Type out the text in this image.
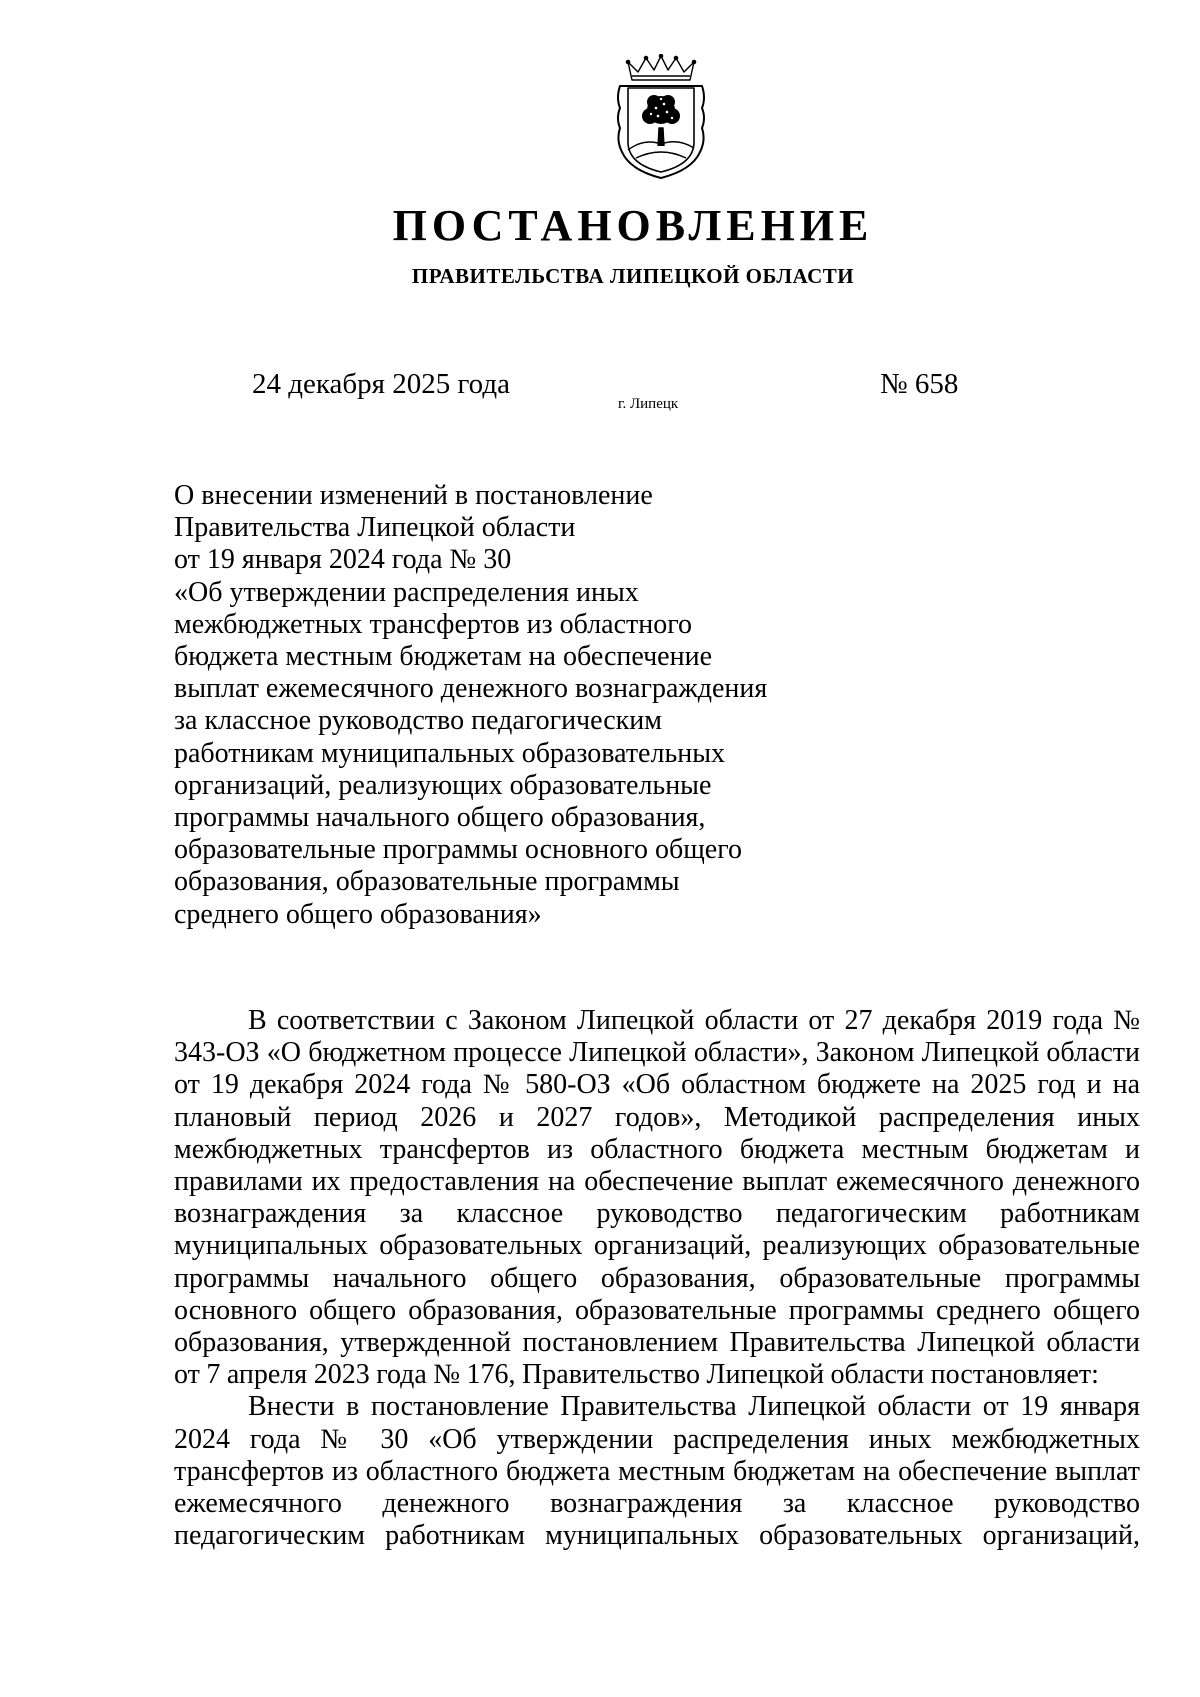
ПОСТАНОВЛЕНИЕ
ПРАВИТЕЛЬСТВА ЛИПЕЦКОЙ ОБЛАСТИ
24 декабря 2025 года
г. Липецк
№ 658
О внесении изменений в постановление
Правительства Липецкой области
от 19 января 2024 года № 30
«Об утверждении распределения иных
межбюджетных трансфертов из областного
бюджета местным бюджетам на обеспечение
выплат ежемесячного денежного вознаграждения
за классное руководство педагогическим
работникам муниципальных образовательных
организаций, реализующих образовательные
программы начального общего образования,
образовательные программы основного общего
образования, образовательные программы
среднего общего образования»

В соответствии с Законом Липецкой области от 27 декабря 2019 года № 343-ОЗ «О бюджетном процессе Липецкой области», Законом Липецкой области от 19 декабря 2024 года № 580-ОЗ «Об областном бюджете на 2025 год и на плановый период 2026 и 2027 годов», Методикой распределения иных межбюджетных трансфертов из областного бюджета местным бюджетам и правилами их предоставления на обеспечение выплат ежемесячного денежного вознаграждения за классное руководство педагогическим работникам муниципальных образовательных организаций, реализующих образовательные программы начального общего образования, образовательные программы основного общего образования, образовательные программы среднего общего образования, утвержденной постановлением Правительства Липецкой области от 7 апреля 2023 года № 176, Правительство Липецкой области постановляет:

Внести в постановление Правительства Липецкой области от 19 января 2024 года № 30 «Об утверждении распределения иных межбюджетных трансфертов из областного бюджета местным бюджетам на обеспечение выплат ежемесячного денежного вознаграждения за классное руководство педагогическим работникам муниципальных образовательных организаций,
